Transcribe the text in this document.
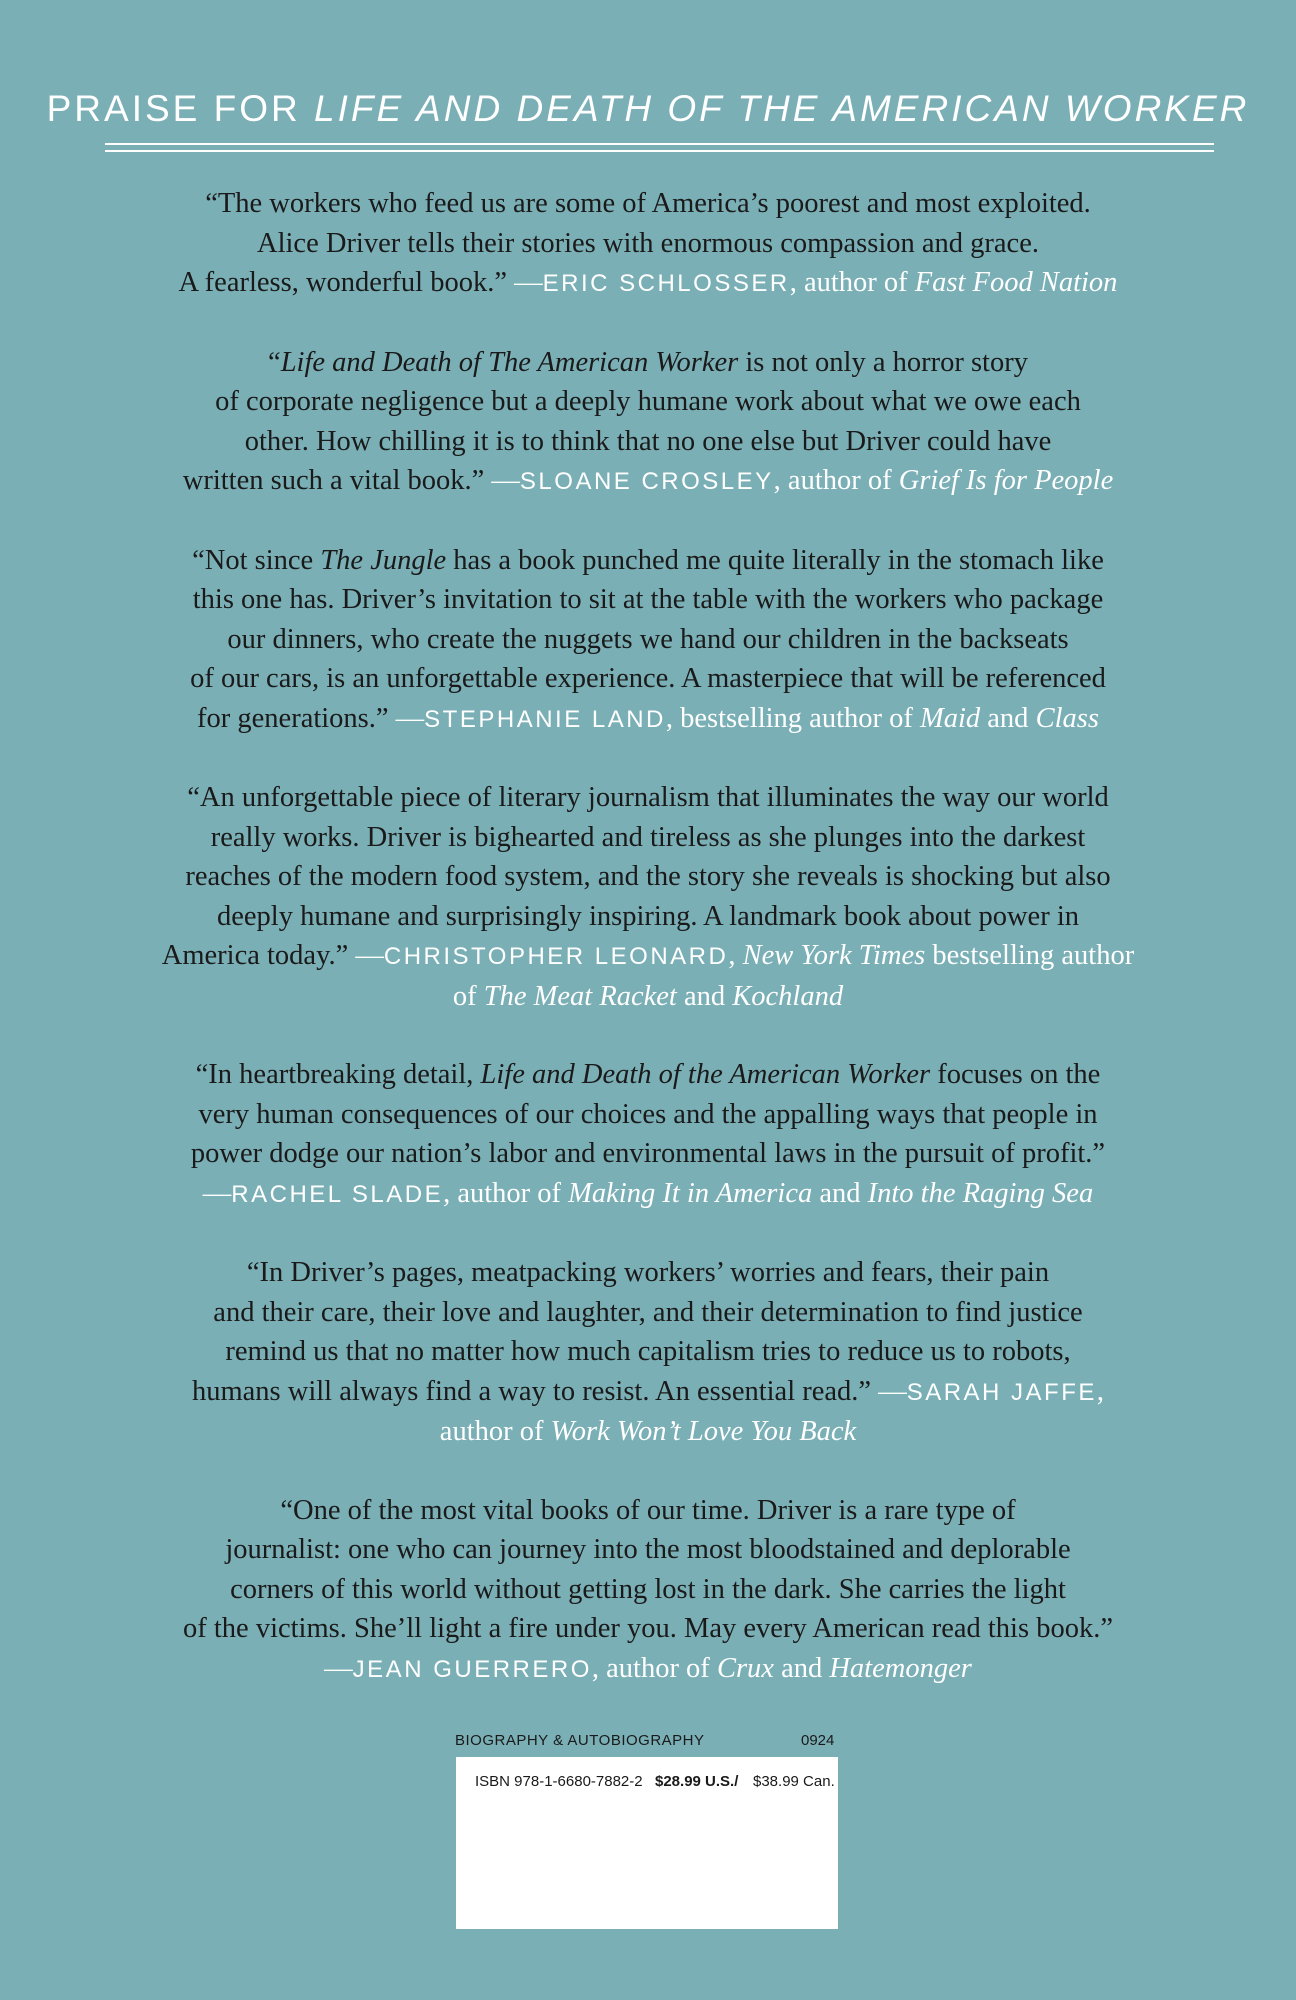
PRAISE FOR LIFE AND DEATH OF THE AMERICAN WORKER
“The workers who feed us are some of America’s poorest and most exploited.
Alice Driver tells their stories with enormous compassion and grace.
A fearless, wonderful book.” —ERIC SCHLOSSER, author of Fast Food Nation
“Life and Death of The American Worker is not only a horror story
of corporate negligence but a deeply humane work about what we owe each
other. How chilling it is to think that no one else but Driver could have
written such a vital book.” —SLOANE CROSLEY, author of Grief Is for People
“Not since The Jungle has a book punched me quite literally in the stomach like
this one has. Driver’s invitation to sit at the table with the workers who package
our dinners, who create the nuggets we hand our children in the backseats
of our cars, is an unforgettable experience. A masterpiece that will be referenced
for generations.” —STEPHANIE LAND, bestselling author of Maid and Class
“An unforgettable piece of literary journalism that illuminates the way our world
really works. Driver is bighearted and tireless as she plunges into the darkest
reaches of the modern food system, and the story she reveals is shocking but also
deeply humane and surprisingly inspiring. A landmark book about power in
America today.” —CHRISTOPHER LEONARD, New York Times bestselling author
of The Meat Racket and Kochland
“In heartbreaking detail, Life and Death of the American Worker focuses on the
very human consequences of our choices and the appalling ways that people in
power dodge our nation’s labor and environmental laws in the pursuit of profit.”
—RACHEL SLADE, author of Making It in America and Into the Raging Sea
“In Driver’s pages, meatpacking workers’ worries and fears, their pain
and their care, their love and laughter, and their determination to find justice
remind us that no matter how much capitalism tries to reduce us to robots,
humans will always find a way to resist. An essential read.” —SARAH JAFFE,
author of Work Won’t Love You Back
“One of the most vital books of our time. Driver is a rare type of
journalist: one who can journey into the most bloodstained and deplorable
corners of this world without getting lost in the dark. She carries the light
of the victims. She’ll light a fire under you. May every American read this book.”
—JEAN GUERRERO, author of Crux and Hatemonger
BIOGRAPHY & AUTOBIOGRAPHY	0924
ISBN 978-1-6680-7882-2 $28.99 U.S./ $38.99 Can.
